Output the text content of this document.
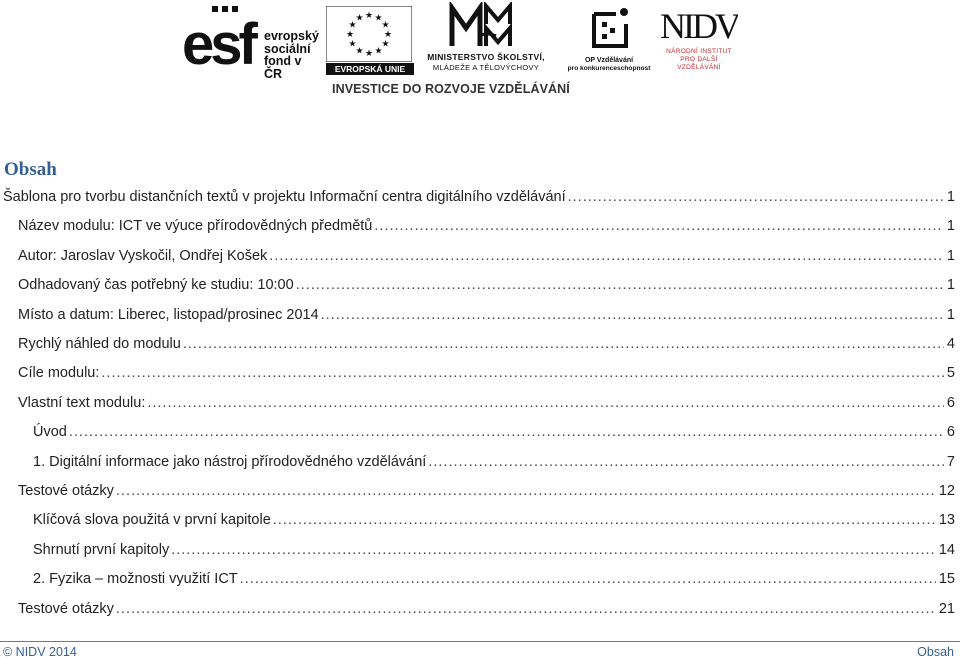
esf evropský
sociální
fond v ČR
★
★
★
★
★
★
★
★
★ ★ ★
★
EVROPSKÁ UNIE
MINISTERSTVO ŠKOLSTVÍ,
MLÁDEŽE A TĚLOVÝCHOVY
OP Vzdělávání
pro konkurenceschopnost
NIDV
NÁRODNÍ INSTITUT
PRO DALŠÍ
VZDĚLÁVÁNÍ
INVESTICE DO ROZVOJE VZDĚLÁVÁNÍ
Obsah
Šablona pro tvorbu distančních textů v projektu Informační centra digitálního vzdělávání .....	1
Název modulu: ICT ve výuce přírodovědných předmětů .....	1
Autor: Jaroslav Vyskočil, Ondřej Košek .....	1
Odhadovaný čas potřebný ke studiu: 10:00 .....	1
Místo a datum: Liberec, listopad/prosinec 2014 .....	1
Rychlý náhled do modulu .....	4
Cíle modulu: .....	5
Vlastní text modulu: .....	6
Úvod .....	6
1. Digitální informace jako nástroj přírodovědného vzdělávání .....	7
Testové otázky .....	12
Klíčová slova použitá v první kapitole .....	13
Shrnutí první kapitoly .....	14
2. Fyzika – možnosti využití ICT .....	15
Testové otázky .....	21
© NIDV 2014	Obsah
